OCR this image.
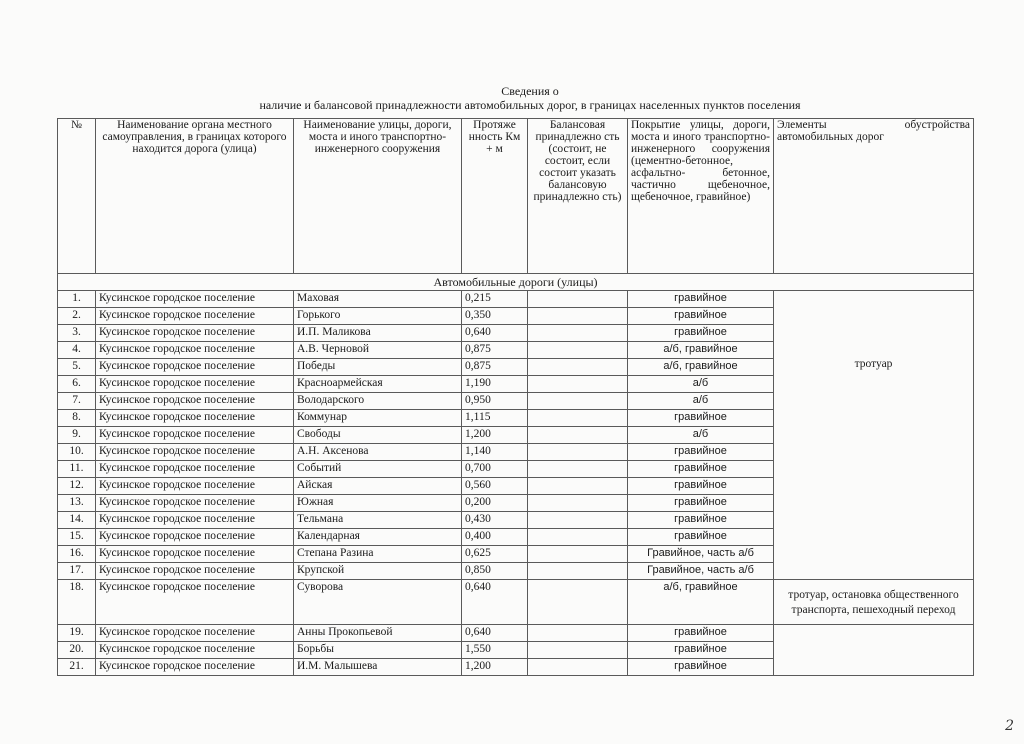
Сведения о
наличие и балансовой принадлежности автомобильных дорог, в границах населенных пунктов поселения
№	Наименование органа местного самоуправления, в границах которого находится дорога (улица)	Наименование улицы, дороги, моста и иного транспортно-инженерного сооружения	Протяже нность Км + м	Балансовая принадлежно сть (состоит, не состоит, если состоит указать балансовую принадлежно сть)	Покрытие улицы, дороги, моста и иного транспортно-инженерного сооружения (цементно-бетонное, асфальтно- бетонное, частично щебеночное, щебеночное, гравийное)	Элементы обустройства автомобильных дорог
Автомобильные дороги (улицы)						
1.	Кусинское городское поселение	Маховая	0,215		гравийное	тротуар

2.	Кусинское городское поселение	Горького	0,350		гравийное	
3.	Кусинское городское поселение	И.П. Маликова	0,640		гравийное	
4.	Кусинское городское поселение	А.В. Черновой	0,875		а/б, гравийное	
5.	Кусинское городское поселение	Победы	0,875		а/б, гравийное	
6.	Кусинское городское поселение	Красноармейская	1,190		а/б	
7.	Кусинское городское поселение	Володарского	0,950		а/б	
8.	Кусинское городское поселение	Коммунар	1,115		гравийное	
9.	Кусинское городское поселение	Свободы	1,200		а/б	
10.	Кусинское городское поселение	А.Н. Аксенова	1,140		гравийное	
11.	Кусинское городское поселение	Событий	0,700		гравийное	
12.	Кусинское городское поселение	Айская	0,560		гравийное	
13.	Кусинское городское поселение	Южная	0,200		гравийное	
14.	Кусинское городское поселение	Тельмана	0,430		гравийное	
15.	Кусинское городское поселение	Календарная	0,400		гравийное	
16.	Кусинское городское поселение	Степана Разина	0,625		Гравийное, часть а/б	
17.	Кусинское городское поселение	Крупской	0,850		Гравийное, часть а/б	
18.	Кусинское городское поселение	Суворова	0,640		а/б, гравийное	тротуар, остановка общественного транспорта, пешеходный переход

19.	Кусинское городское поселение	Анны Прокопьевой	0,640		гравийное	
20.	Кусинское городское поселение	Борьбы	1,550		гравийное	
21.	Кусинское городское поселение	И.М. Малышева	1,200		гравийное	
2
